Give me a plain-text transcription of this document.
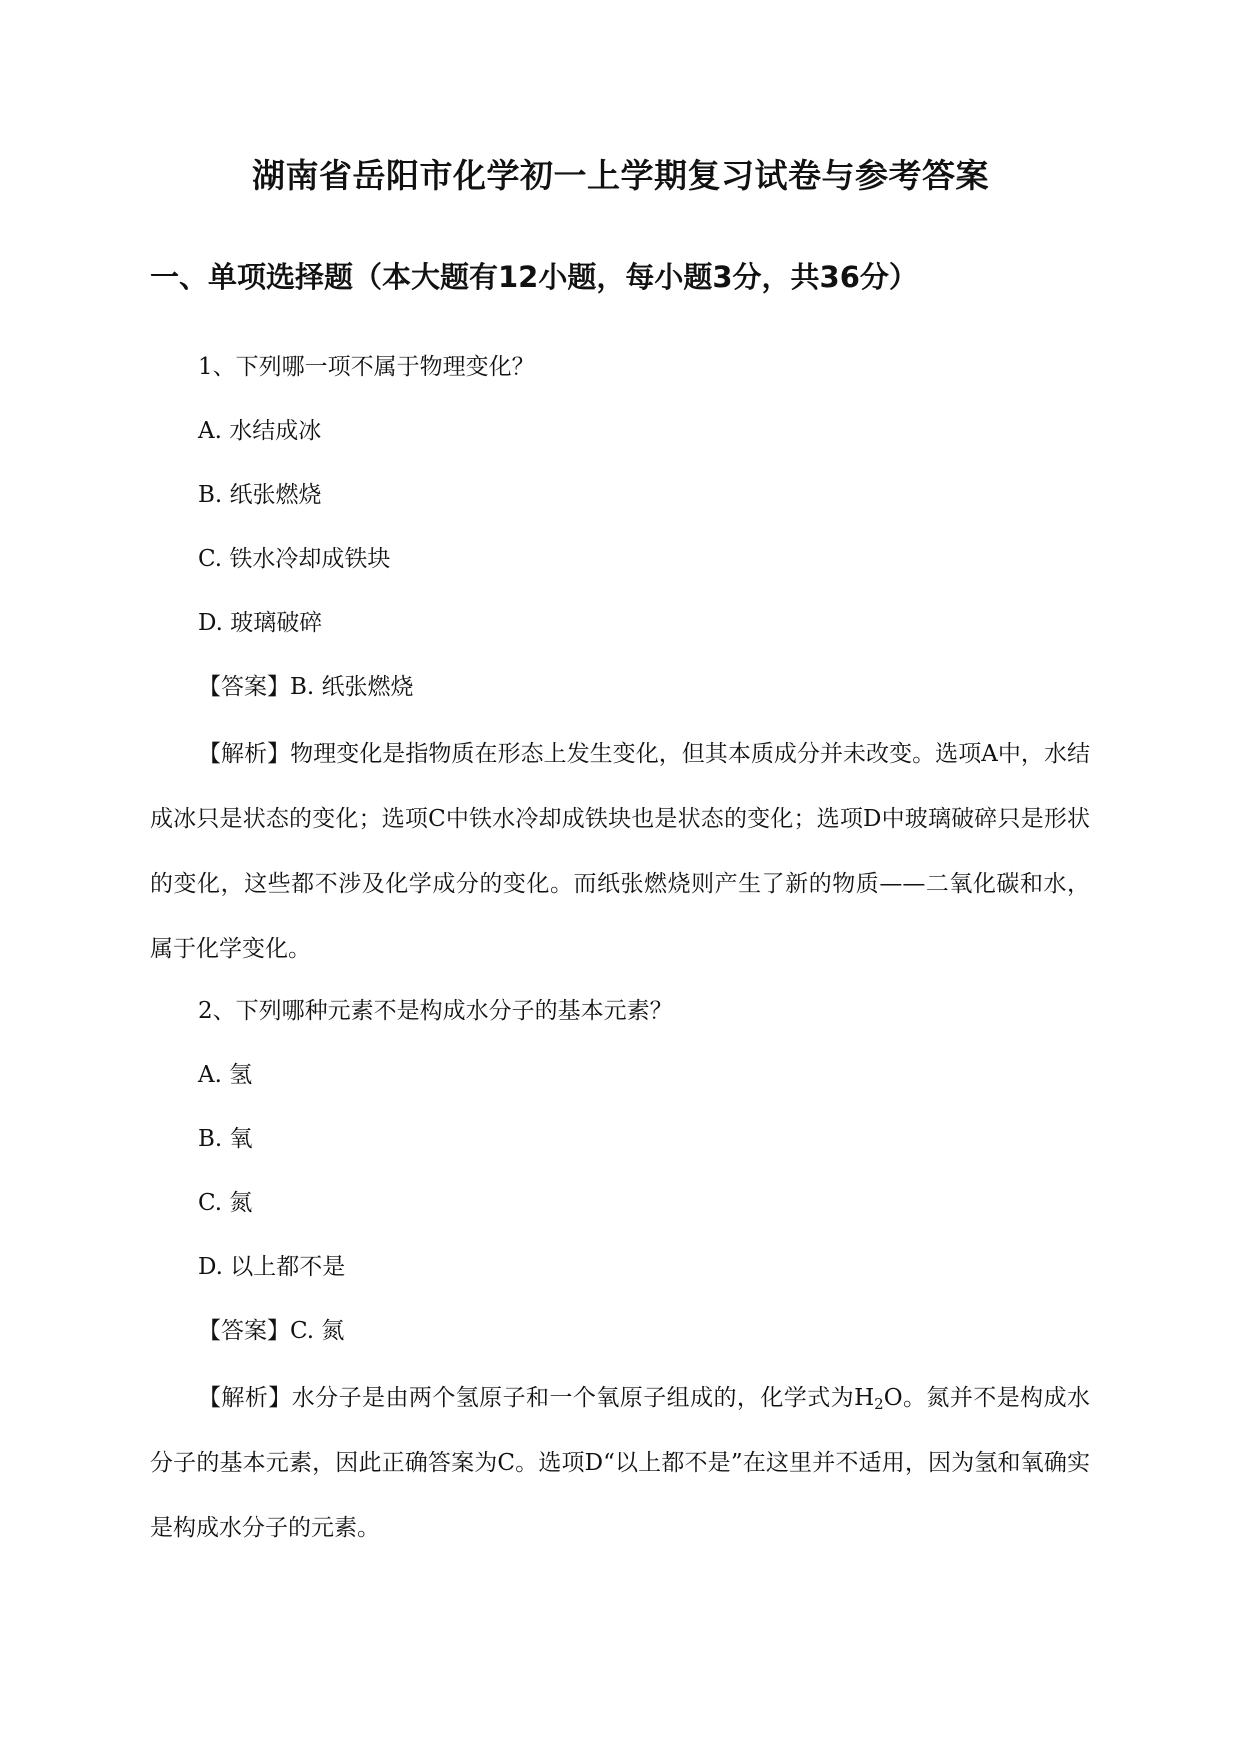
湖南省岳阳市化学初一上学期复习试卷与参考答案
一、单项选择题（本大题有12小题，每小题3分，共36分）
1、下列哪一项不属于物理变化？
A. 水结成冰
B. 纸张燃烧
C. 铁水冷却成铁块
D. 玻璃破碎
【答案】B. 纸张燃烧
【解析】物理变化是指物质在形态上发生变化，但其本质成分并未改变。选项A中，水结成冰只是状态的变化；选项C中铁水冷却成铁块也是状态的变化；选项D中玻璃破碎只是形状的变化，这些都不涉及化学成分的变化。而纸张燃烧则产生了新的物质——二氧化碳和水，属于化学变化。
2、下列哪种元素不是构成水分子的基本元素？
A. 氢
B. 氧
C. 氮
D. 以上都不是
【答案】C. 氮
【解析】水分子是由两个氢原子和一个氧原子组成的，化学式为$H_2O$。氮并不是构成水分子的基本元素，因此正确答案为C。选项D“以上都不是”在这里并不适用，因为氢和氧确实是构成水分子的元素。
